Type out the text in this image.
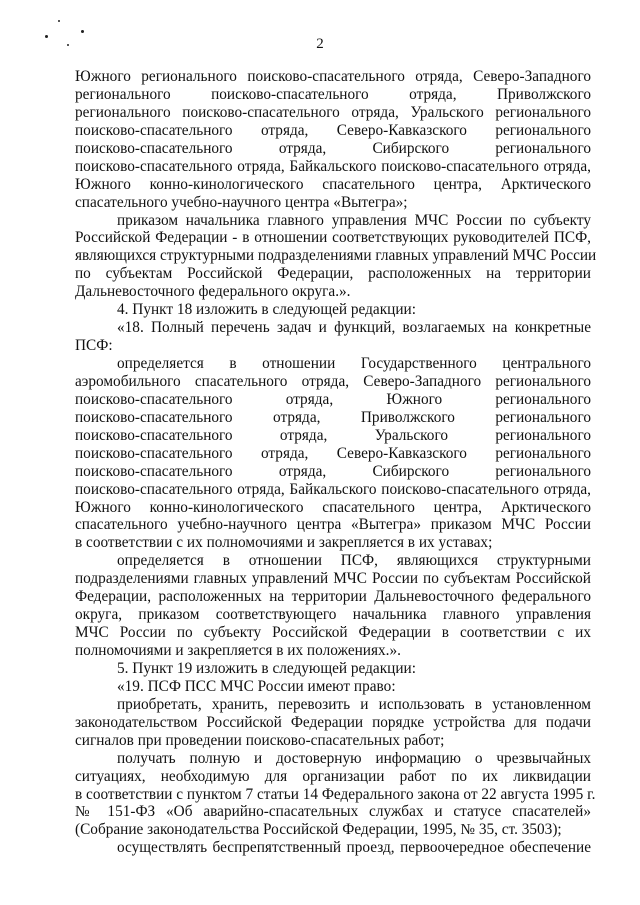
2
Южного регионального поисково-спасательного отряда, Северо-Западного
регионального поисково-спасательного отряда, Приволжского
регионального поисково-спасательного отряда, Уральского регионального
поисково-спасательного отряда, Северо-Кавказского регионального
поисково-спасательного отряда, Сибирского регионального
поисково-спасательного отряда, Байкальского поисково-спасательного отряда,
Южного конно-кинологического спасательного центра, Арктического
спасательного учебно-научного центра «Вытегра»;
приказом начальника главного управления МЧС России по субъекту
Российской Федерации - в отношении соответствующих руководителей ПСФ,
являющихся структурными подразделениями главных управлений МЧС России
по субъектам Российской Федерации, расположенных на территории
Дальневосточного федерального округа.».
4. Пункт 18 изложить в следующей редакции:
«18. Полный перечень задач и функций, возлагаемых на конкретные
ПСФ:
определяется в отношении Государственного центрального
аэромобильного спасательного отряда, Северо-Западного регионального
поисково-спасательного отряда, Южного регионального
поисково-спасательного отряда, Приволжского регионального
поисково-спасательного отряда, Уральского регионального
поисково-спасательного отряда, Северо-Кавказского регионального
поисково-спасательного отряда, Сибирского регионального
поисково-спасательного отряда, Байкальского поисково-спасательного отряда,
Южного конно-кинологического спасательного центра, Арктического
спасательного учебно-научного центра «Вытегра» приказом МЧС России
в соответствии с их полномочиями и закрепляется в их уставах;
определяется в отношении ПСФ, являющихся структурными
подразделениями главных управлений МЧС России по субъектам Российской
Федерации, расположенных на территории Дальневосточного федерального
округа, приказом соответствующего начальника главного управления
МЧС России по субъекту Российской Федерации в соответствии с их
полномочиями и закрепляется в их положениях.».
5. Пункт 19 изложить в следующей редакции:
«19. ПСФ ПСС МЧС России имеют право:
приобретать, хранить, перевозить и использовать в установленном
законодательством Российской Федерации порядке устройства для подачи
сигналов при проведении поисково-спасательных работ;
получать полную и достоверную информацию о чрезвычайных
ситуациях, необходимую для организации работ по их ликвидации
в соответствии с пунктом 7 статьи 14 Федерального закона от 22 августа 1995 г.
№ 151-ФЗ «Об аварийно-спасательных службах и статусе спасателей»
(Собрание законодательства Российской Федерации, 1995, № 35, ст. 3503);
осуществлять беспрепятственный проезд, первоочередное обеспечение
